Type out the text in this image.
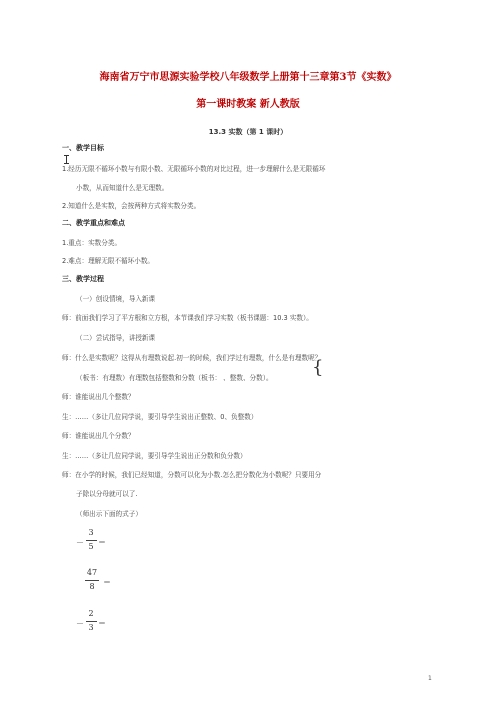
海南省万宁市思源实验学校八年级数学上册第十三章第3节《实数》
第一课时教案 新人教版
13.3 实数（第 1 课时）
一、教学目标
1.经历无限不循环小数与有限小数、无限循环小数的对比过程，进一步理解什么是无限循环
小数，从而知道什么是无理数。
2.知道什么是实数，会按两种方式将实数分类。
二、教学重点和难点
1.重点：实数分类。
2.难点：理解无限不循环小数。
三、教学过程
（一）创设情境，导入新课
师：前面我们学习了平方根和立方根，本节课我们学习实数（板书课题：10.3 实数）。
（二）尝试指导，讲授新课
师：什么是实数呢？这得从有理数说起.初一的时候，我们学过有理数，什么是有理数呢？
（板书：有理数）有理数包括整数和分数（板书： 、整数、分数）。 {
师：谁能说出几个整数？
生：……（多让几位同学说，要引导学生说出正整数、0、负整数）
师：谁能说出几个分数？
生：……（多让几位同学说，要引导学生说出正分数和负分数）
师：在小学的时候，我们已经知道，分数可以化为小数.怎么把分数化为小数呢？只要用分
子除以分母就可以了.
（师出示下面的式子）
－
3
5 ＝
47
8	＝
－
2
3 ＝
1
